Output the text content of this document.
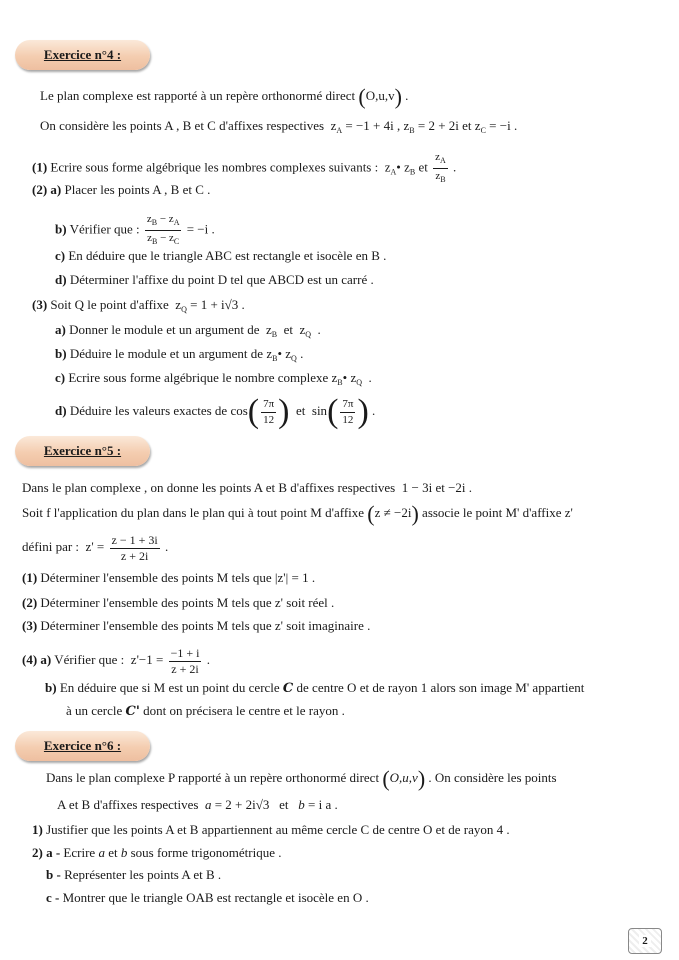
Exercice n°4 :
Le plan complexe est rapporté à un repère orthonormé direct (O,u,v) .
On considère les points A , B et C d'affixes respectives  $z_A = -1 + 4i$ , $z_B = 2 + 2i$ et $z_C = -i$ .
(1) Ecrire sous forme algébrique les nombres complexes suivants :  $z_A•$ $z_B$ et $\frac{z_A}{z_B}$ .
(2) a) Placer les points A , B et C .
b) Vérifier que : $\frac{z_B - z_A}{z_B - z_C} = -i$ .
c) En déduire que le triangle ABC est rectangle et isocèle en B .
d) Déterminer l'affixe du point D tel que ABCD est un carré .
(3) Soit Q le point d'affixe  $z_Q = 1 + i√3$ .
a) Donner le module et un argument de  $z_B$  et  $z_Q$  .
b) Déduire le module et un argument de $z_B•$ $z_Q$ .
c) Ecrire sous forme algébrique le nombre complexe $z_B•$ $z_Q$  .
d) Déduire les valeurs exactes de $\cos( \frac{7\pi}{12}$ )  et  $\sin( \frac{7\pi}{12}$ ) .
Exercice n°5 :
Dans le plan complexe , on donne les points A et B d'affixes respectives 1 − 3i et −2i .
Soit f l'application du plan dans le plan qui à tout point M d'affixe (z ≠ −2i) associe le point M' d'affixe z'
défini par :  $z' = \frac{z - 1 + 3i}{z + 2i}$ .
(1) Déterminer l'ensemble des points M tels que |z'| = 1 .
(2) Déterminer l'ensemble des points M tels que z' soit réel .
(3) Déterminer l'ensemble des points M tels que z' soit imaginaire .
(4) a) Vérifier que :  $z'-1 = \frac{-1 + i}{z + 2i}$ .
b) En déduire que si M est un point du cercle C de centre O et de rayon 1 alors son image M' appartient
à un cercle C' dont on précisera le centre et le rayon .
Exercice n°6 :
Dans le plan complexe P rapporté à un repère orthonormé direct (O,u,v) . On considère les points
A et B d'affixes respectives a = 2 + 2i√3   et   b = i a .
1) Justifier que les points A et B appartiennent au même cercle C de centre O et de rayon 4 .
2) a - Ecrire a et b sous forme trigonométrique .
b - Représenter les points A et B .
c - Montrer que le triangle OAB est rectangle et isocèle en O .
2
